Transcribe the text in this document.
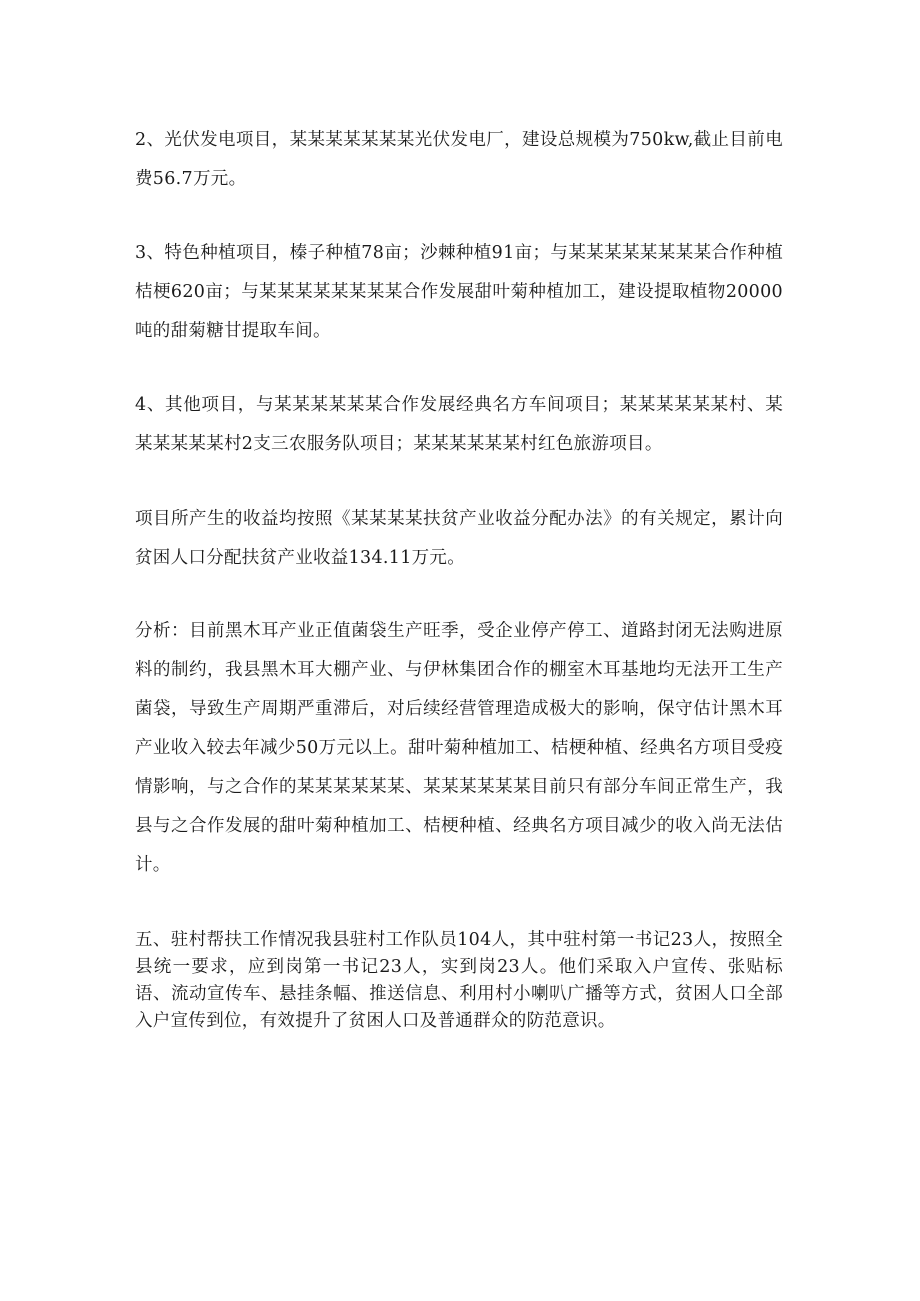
2、光伏发电项目，某某某某某某某光伏发电厂，建设总规模为750kw,截止目前电费56.7万元。

3、特色种植项目，榛子种植78亩；沙棘种植91亩；与某某某某某某某某合作种植桔梗620亩；与某某某某某某某某合作发展甜叶菊种植加工，建设提取植物20000吨的甜菊糖甘提取车间。

4、其他项目，与某某某某某某合作发展经典名方车间项目；某某某某某某村、某某某某某某村2支三农服务队项目；某某某某某某村红色旅游项目。

项目所产生的收益均按照《某某某某扶贫产业收益分配办法》的有关规定，累计向贫困人口分配扶贫产业收益134.11万元。

分析：目前黑木耳产业正值菌袋生产旺季，受企业停产停工、道路封闭无法购进原料的制约，我县黑木耳大棚产业、与伊林集团合作的棚室木耳基地均无法开工生产菌袋，导致生产周期严重滞后，对后续经营管理造成极大的影响，保守估计黑木耳产业收入较去年减少50万元以上。甜叶菊种植加工、桔梗种植、经典名方项目受疫情影响，与之合作的某某某某某某、某某某某某某目前只有部分车间正常生产，我县与之合作发展的甜叶菊种植加工、桔梗种植、经典名方项目减少的收入尚无法估计。

五、驻村帮扶工作情况我县驻村工作队员104人，其中驻村第一书记23人，按照全县统一要求，应到岗第一书记23人，实到岗23人。他们采取入户宣传、张贴标语、流动宣传车、悬挂条幅、推送信息、利用村小喇叭广播等方式，贫困人口全部入户宣传到位，有效提升了贫困人口及普通群众的防范意识。
